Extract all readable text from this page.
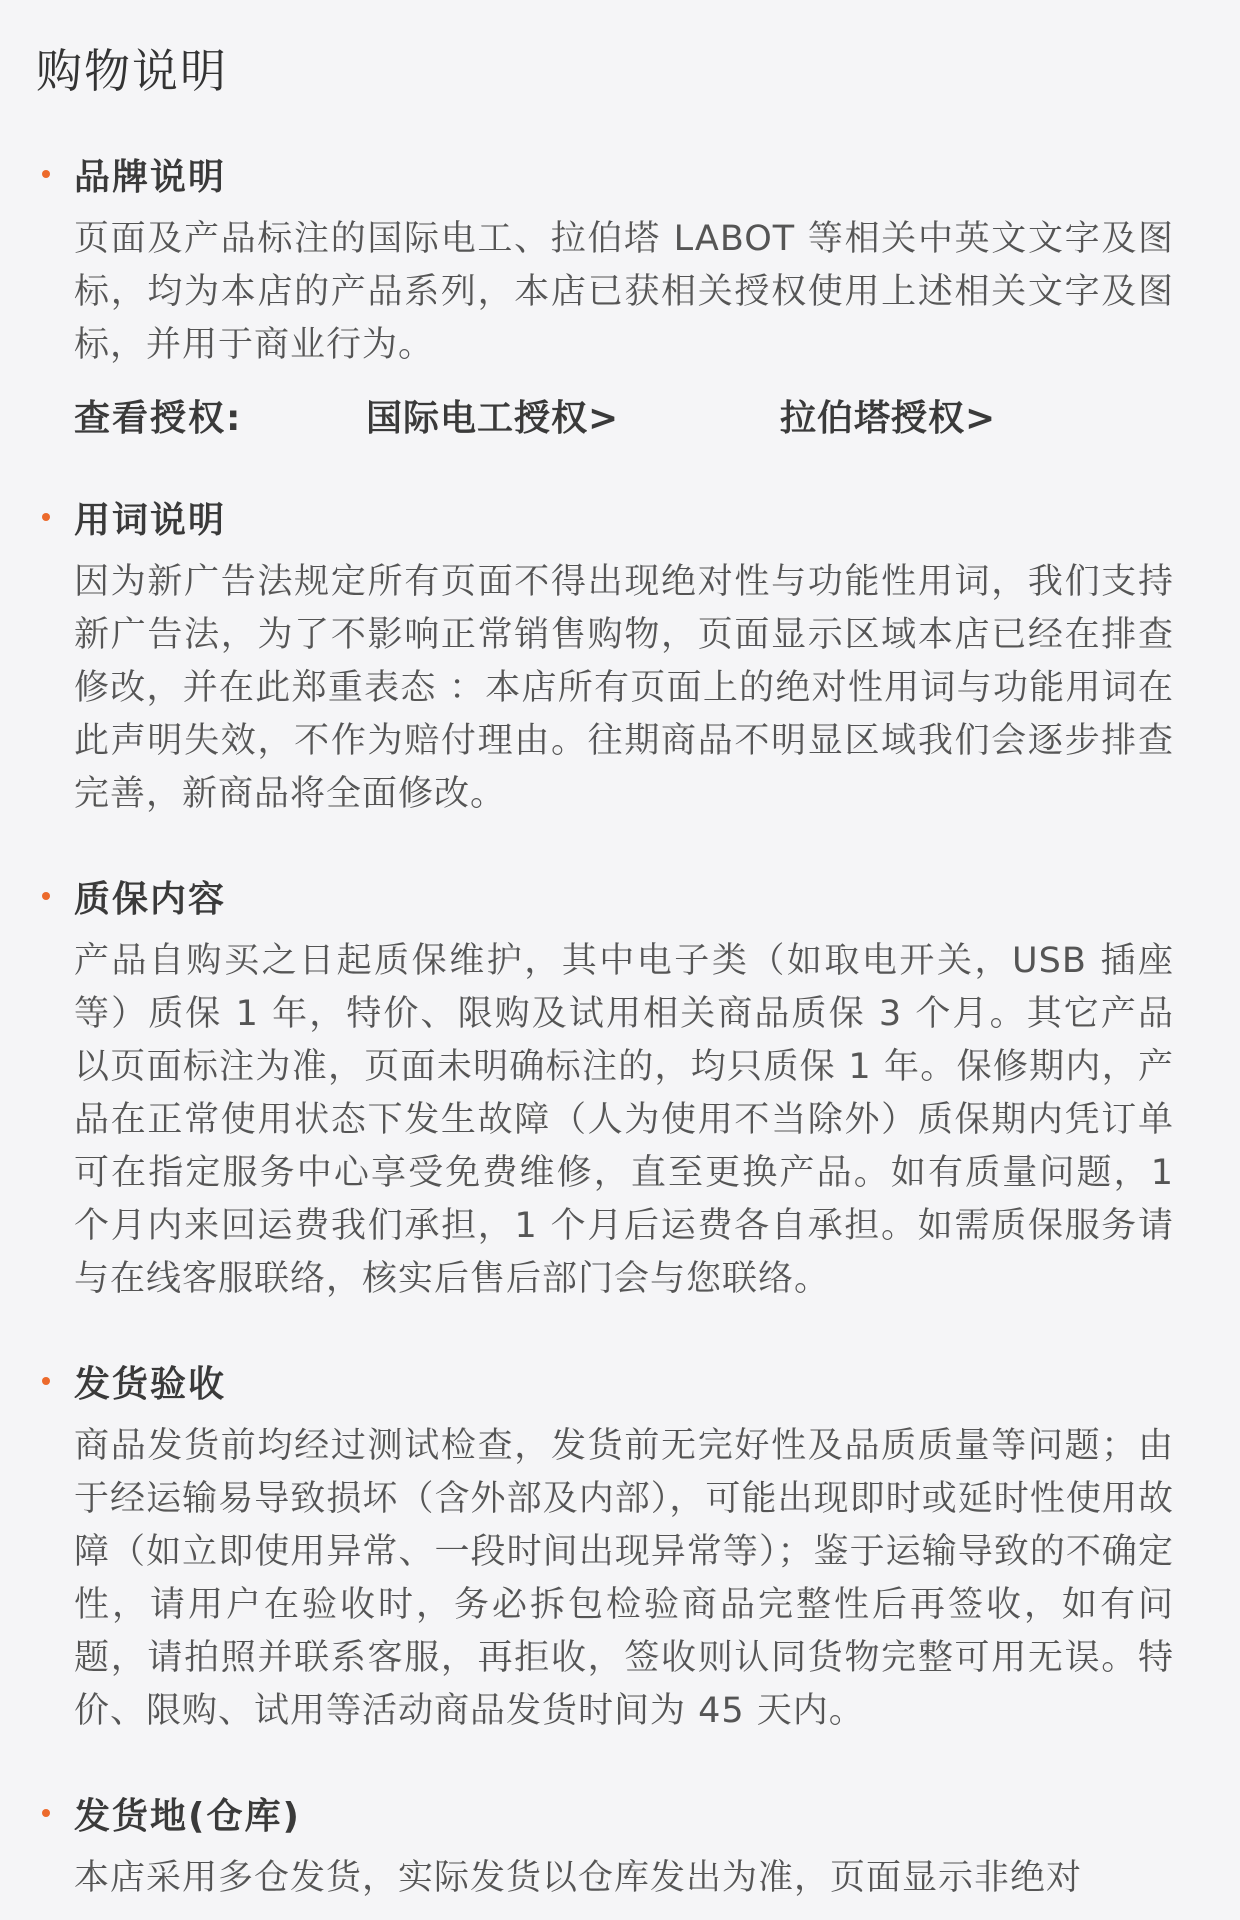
购物说明
品牌说明
页面及产品标注的国际电工、拉伯塔 LABOT 等相关中英文文字及图标，均为本店的产品系列，本店已获相关授权使用上述相关文字及图标，并用于商业行为。
查看授权:	国际电工授权>	拉伯塔授权>
用词说明
因为新广告法规定所有页面不得出现绝对性与功能性用词，我们支持新广告法，为了不影响正常销售购物，页面显示区域本店已经在排查修改，并在此郑重表态 ：本店所有页面上的绝对性用词与功能用词在此声明失效，不作为赔付理由。往期商品不明显区域我们会逐步排查完善，新商品将全面修改。
质保内容
产品自购买之日起质保维护，其中电子类（如取电开关，USB 插座等）质保 1 年，特价、限购及试用相关商品质保 3 个月。其它产品以页面标注为准，页面未明确标注的，均只质保 1 年。保修期内，产品在正常使用状态下发生故障（人为使用不当除外）质保期内凭订单可在指定服务中心享受免费维修，直至更换产品。如有质量问题，1 个月内来回运费我们承担，1 个月后运费各自承担。如需质保服务请与在线客服联络，核实后售后部门会与您联络。
发货验收
商品发货前均经过测试检查，发货前无完好性及品质质量等问题；由于经运输易导致损坏（含外部及内部），可能出现即时或延时性使用故障（如立即使用异常、一段时间出现异常等）；鉴于运输导致的不确定性，请用户在验收时，务必拆包检验商品完整性后再签收，如有问题，请拍照并联系客服，再拒收，签收则认同货物完整可用无误。特价、限购、试用等活动商品发货时间为 45 天内。
发货地(仓库)
本店采用多仓发货，实际发货以仓库发出为准，页面显示非绝对
